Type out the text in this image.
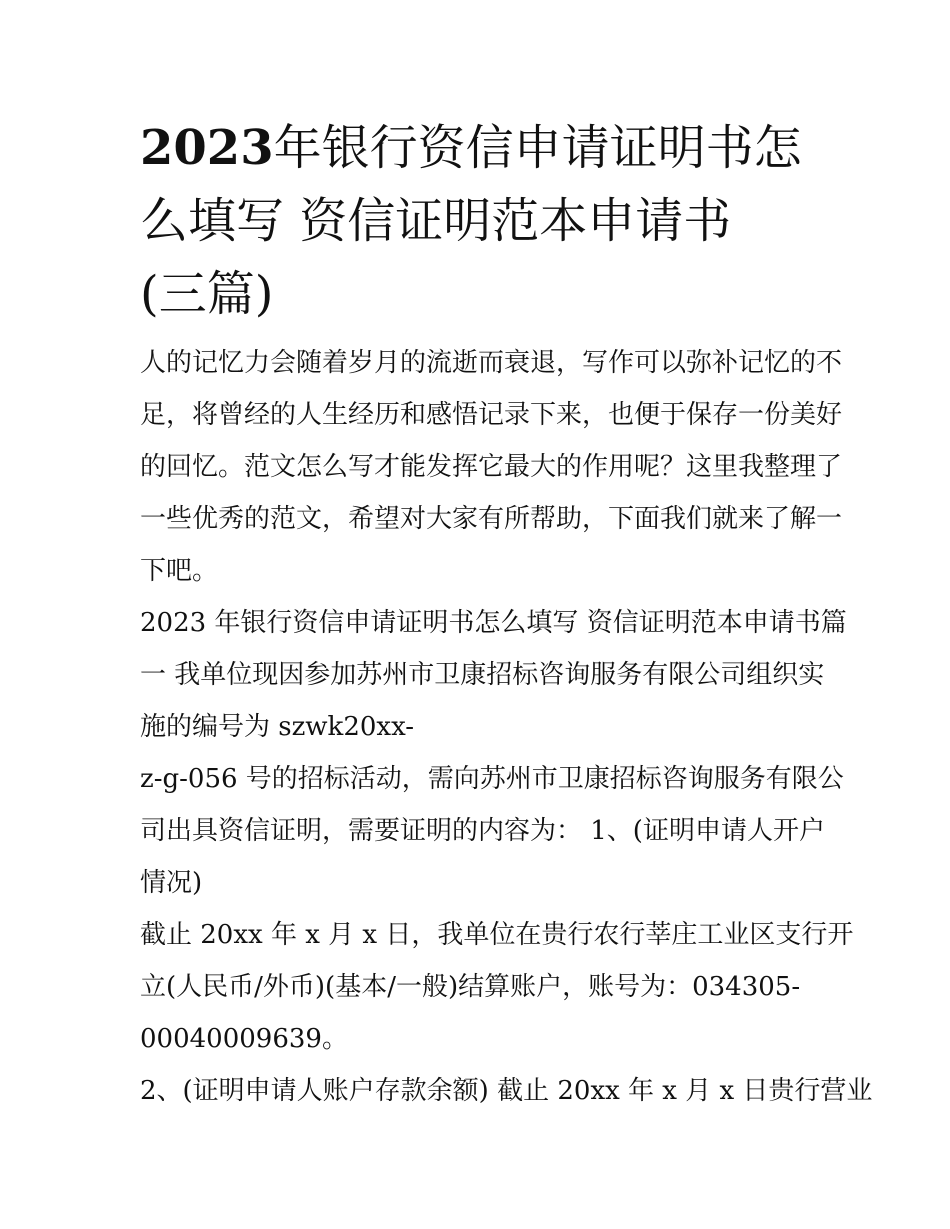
2023年银行资信申请证明书怎
么填写 资信证明范本申请书
(三篇)

人的记忆力会随着岁月的流逝而衰退，写作可以弥补记忆的不
足，将曾经的人生经历和感悟记录下来，也便于保存一份美好
的回忆。范文怎么写才能发挥它最大的作用呢？这里我整理了
一些优秀的范文，希望对大家有所帮助，下面我们就来了解一
下吧。

2023 年银行资信申请证明书怎么填写 资信证明范本申请书篇
一 我单位现因参加苏州市卫康招标咨询服务有限公司组织实
施的编号为 szwk20xx-

z-g-056 号的招标活动，需向苏州市卫康招标咨询服务有限公
司出具资信证明，需要证明的内容为： 1、(证明申请人开户
情况)

截止 20xx 年 x 月 x 日，我单位在贵行农行莘庄工业区支行开
立(人民币/外币)(基本/一般)结算账户，账号为：034305-
00040009639。

2、(证明申请人账户存款余额) 截止 20xx 年 x 月 x 日贵行营业
